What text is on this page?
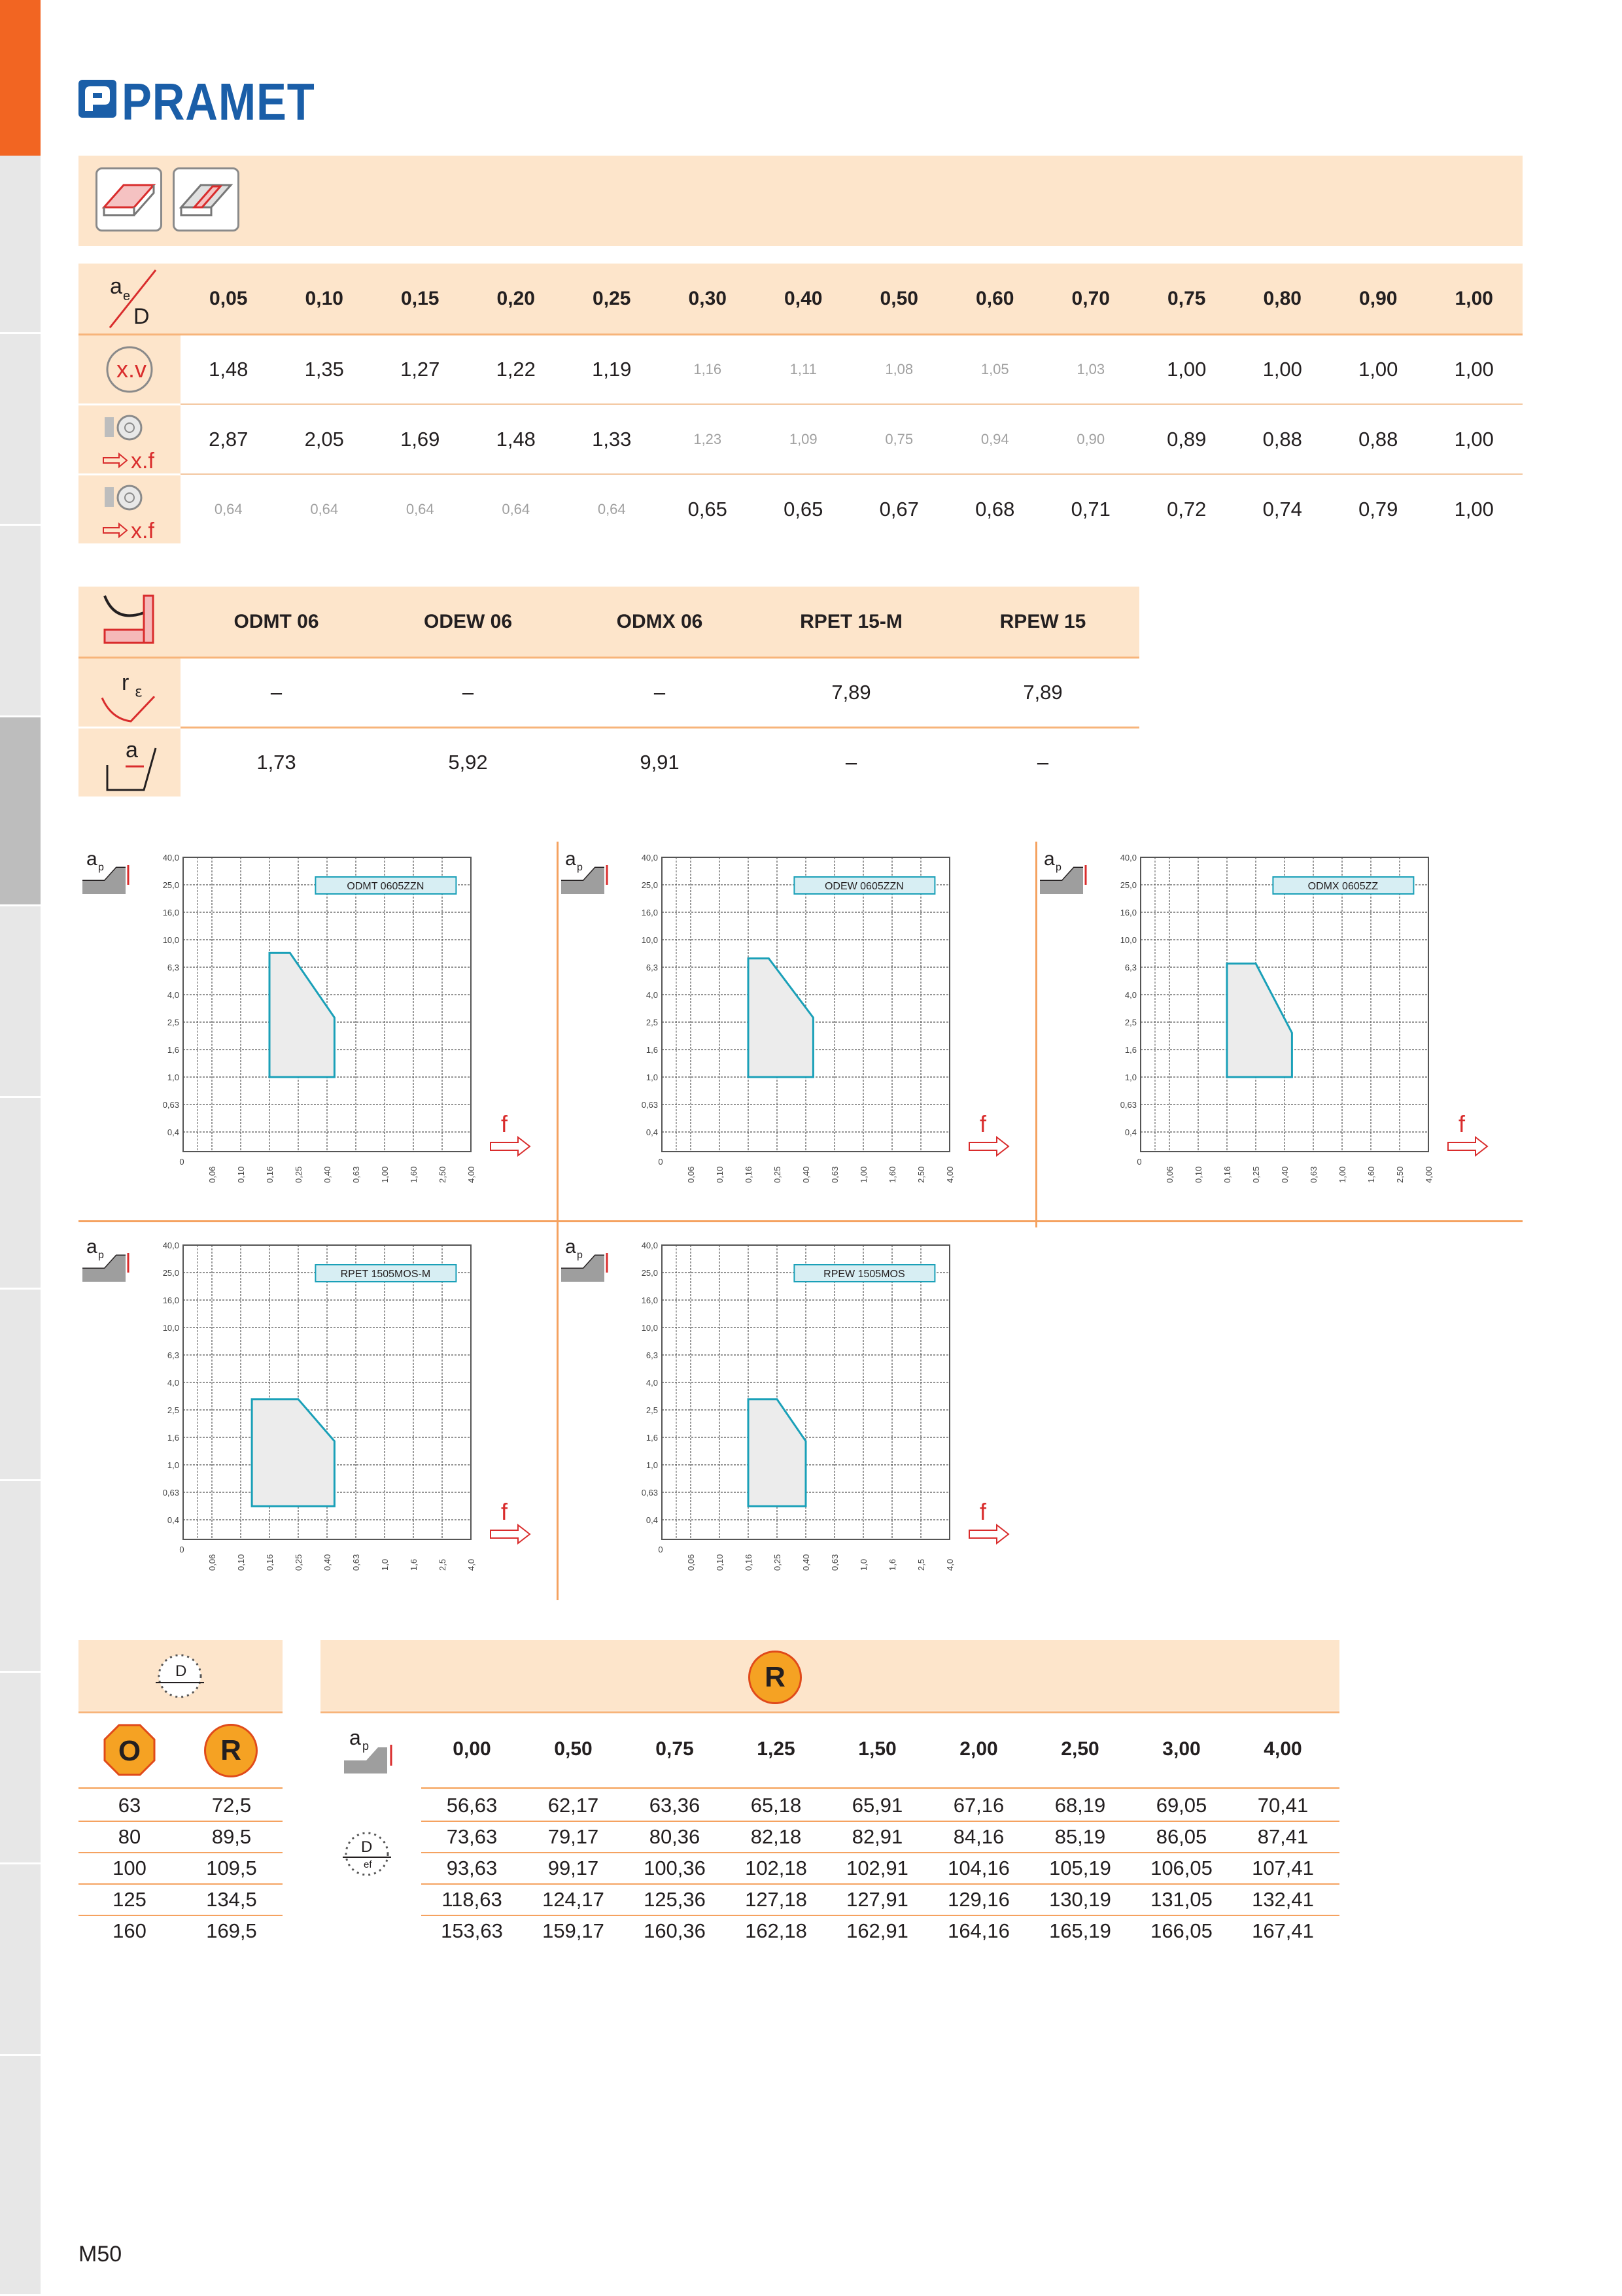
PRAMET
M50
a e
D
0,05	0,10	0,15	0,20	0,25	0,30	0,40	0,50	0,60	0,70	0,75	0,80	0,90	1,00
x.v	1,48	1,35	1,27	1,22	1,19	1,16	1,11	1,08	1,05	1,03	1,00	1,00	1,00	1,00
x.f
2,87	2,05	1,69	1,48	1,33	1,23	1,09	0,75	0,94	0,90	0,89	0,88	0,88	1,00
x.f
0,64	0,64	0,64	0,64	0,64	0,65	0,65	0,67	0,68	0,71	0,72	0,74	0,79	1,00
ODMT 06	ODEW 06	ODMX 06	RPET 15-M	RPEW 15
r ε	–	–	–	7,89	7,89
a	1,73	5,92	9,91	–	–
a p
40,0
25,0
16,0
10,0
6,3
4,0
2,5
1,6
1,0
0,63
0,4
0
0,06 0,10 0,16 0,25 0,40 0,63 1,00 1,60 2,50 4,00
ODMT 0605ZZN
f
a p
40,0
25,0
16,0
10,0
6,3
4,0
2,5
1,6
1,0
0,63
0,4
0
0,06 0,10 0,16 0,25 0,40 0,63 1,00 1,60 2,50 4,00
ODEW 0605ZZN
f
a p
40,0
25,0
16,0
10,0
6,3
4,0
2,5
1,6
1,0
0,63
0,4
0
0,06 0,10 0,16 0,25 0,40 0,63 1,00 1,60 2,50 4,00
ODMX 0605ZZ
f
a p
40,0
25,0
16,0
10,0
6,3
4,0
2,5
1,6
1,0
0,63
0,4
0
0,06 0,10 0,16 0,25 0,40 0,63 1,0 1,6 2,5 4,0
RPET 1505MOS-M
f
a p
40,0
25,0
16,0
10,0
6,3
4,0
2,5
1,6
1,0
0,63
0,4
0
0,06 0,10 0,16 0,25 0,40 0,63 1,0 1,6 2,5 4,0
RPEW 1505MOS
f
D
O	R
63	72,5
80	89,5
100	109,5
125	134,5
160	169,5
R
a p	0,00	0,50	0,75	1,25	1,50	2,00	2,50	3,00	4,00
D
ef
56,63	62,17	63,36	65,18	65,91	67,16	68,19	69,05	70,41
73,63	79,17	80,36	82,18	82,91	84,16	85,19	86,05	87,41
93,63	99,17	100,36	102,18	102,91	104,16	105,19	106,05	107,41
118,63	124,17	125,36	127,18	127,91	129,16	130,19	131,05	132,41
153,63	159,17	160,36	162,18	162,91	164,16	165,19	166,05	167,41
